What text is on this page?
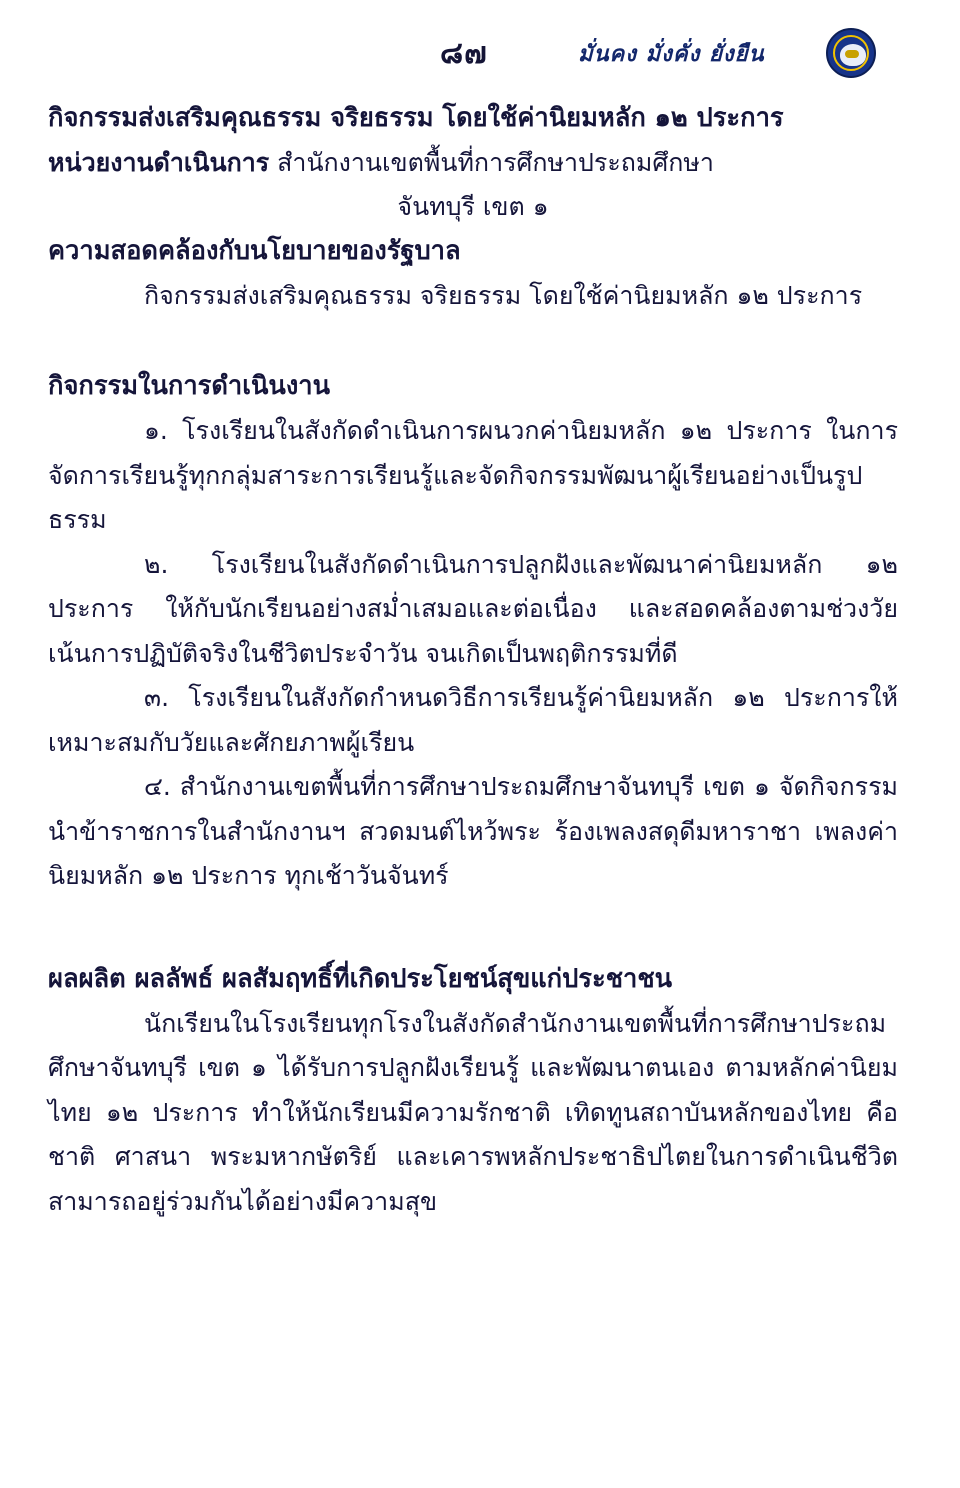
๘๗	มั่นคง มั่งคั่ง ยั่งยืน

กิจกรรมส่งเสริมคุณธรรม จริยธรรม โดยใช้ค่านิยมหลัก ๑๒ ประการ

หน่วยงานดำเนินการ สำนักงานเขตพื้นที่การศึกษาประถมศึกษา

จันทบุรี เขต ๑

ความสอดคล้องกับนโยบายของรัฐบาล

กิจกรรมส่งเสริมคุณธรรม จริยธรรม โดยใช้ค่านิยมหลัก ๑๒ ประการ

กิจกรรมในการดำเนินงาน

๑. โรงเรียนในสังกัดดำเนินการผนวกค่านิยมหลัก ๑๒ ประการ ในการจัดการเรียนรู้ทุกกลุ่มสาระการเรียนรู้และจัดกิจกรรมพัฒนาผู้เรียนอย่างเป็นรูปธรรม

๒. โรงเรียนในสังกัดดำเนินการปลูกฝังและพัฒนาค่านิยมหลัก ๑๒ ประการ ให้กับนักเรียนอย่างสม่ำเสมอและต่อเนื่อง และสอดคล้องตามช่วงวัย เน้นการปฏิบัติจริงในชีวิตประจำวัน จนเกิดเป็นพฤติกรรมที่ดี

๓. โรงเรียนในสังกัดกำหนดวิธีการเรียนรู้ค่านิยมหลัก ๑๒ ประการให้เหมาะสมกับวัยและศักยภาพผู้เรียน

๔. สำนักงานเขตพื้นที่การศึกษาประถมศึกษาจันทบุรี เขต ๑ จัดกิจกรรมนำข้าราชการในสำนักงานฯ สวดมนต์ไหว้พระ ร้องเพลงสดุดีมหาราชา เพลงค่านิยมหลัก ๑๒ ประการ ทุกเช้าวันจันทร์

ผลผลิต ผลลัพธ์ ผลสัมฤทธิ์ที่เกิดประโยชน์สุขแก่ประชาชน

นักเรียนในโรงเรียนทุกโรงในสังกัดสำนักงานเขตพื้นที่การศึกษาประถมศึกษาจันทบุรี เขต ๑ ได้รับการปลูกฝังเรียนรู้ และพัฒนาตนเอง ตามหลักค่านิยมไทย ๑๒ ประการ ทำให้นักเรียนมีความรักชาติ เทิดทูนสถาบันหลักของไทย คือ ชาติ ศาสนา พระมหากษัตริย์ และเคารพหลักประชาธิปไตยในการดำเนินชีวิต สามารถอยู่ร่วมกันได้อย่างมีความสุข
